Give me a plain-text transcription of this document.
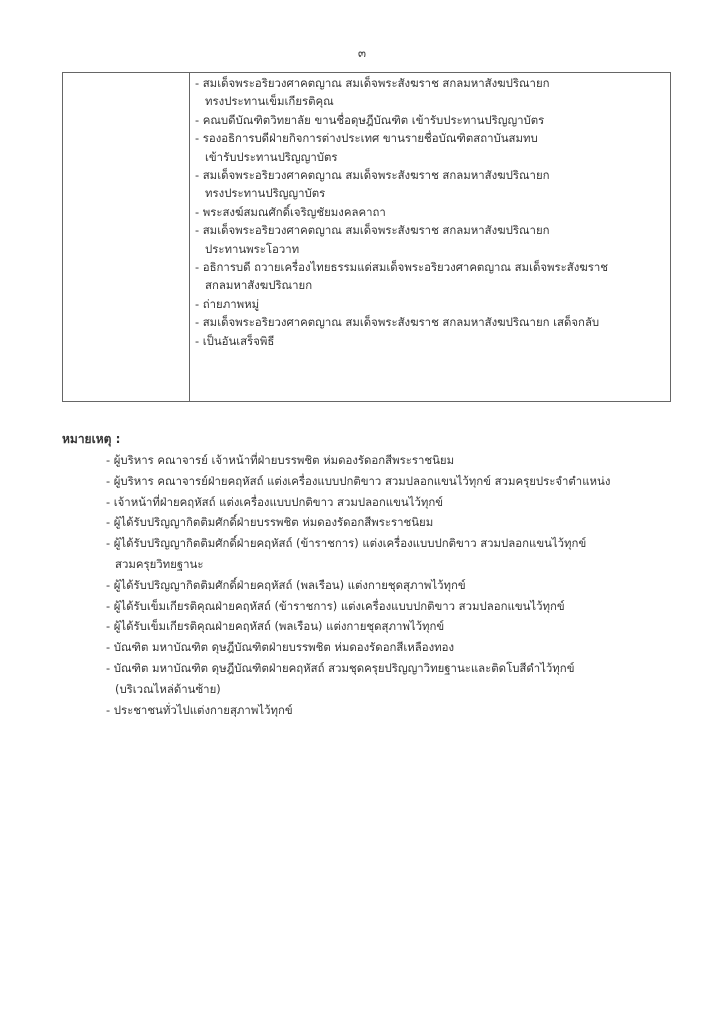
๓
- สมเด็จพระอริยวงศาคตญาณ สมเด็จพระสังฆราช สกลมหาสังฆปริณายก
ทรงประทานเข็มเกียรติคุณ
- คณบดีบัณฑิตวิทยาลัย ขานชื่อดุษฎีบัณฑิต เข้ารับประทานปริญญาบัตร
- รองอธิการบดีฝ่ายกิจการต่างประเทศ ขานรายชื่อบัณฑิตสถาบันสมทบ
เข้ารับประทานปริญญาบัตร
- สมเด็จพระอริยวงศาคตญาณ สมเด็จพระสังฆราช สกลมหาสังฆปริณายก
ทรงประทานปริญญาบัตร
- พระสงฆ์สมณศักดิ์เจริญชัยมงคลคาถา
- สมเด็จพระอริยวงศาคตญาณ สมเด็จพระสังฆราช สกลมหาสังฆปริณายก
ประทานพระโอวาท
- อธิการบดี ถวายเครื่องไทยธรรมแด่สมเด็จพระอริยวงศาคตญาณ สมเด็จพระสังฆราช
สกลมหาสังฆปริณายก
- ถ่ายภาพหมู่
- สมเด็จพระอริยวงศาคตญาณ สมเด็จพระสังฆราช สกลมหาสังฆปริณายก เสด็จกลับ
- เป็นอันเสร็จพิธี
หมายเหตุ :
- ผู้บริหาร คณาจารย์ เจ้าหน้าที่ฝ่ายบรรพชิต ห่มดองรัดอกสีพระราชนิยม
- ผู้บริหาร คณาจารย์ฝ่ายคฤหัสถ์ แต่งเครื่องแบบปกติขาว สวมปลอกแขนไว้ทุกข์ สวมครุยประจำตำแหน่ง
- เจ้าหน้าที่ฝ่ายคฤหัสถ์ แต่งเครื่องแบบปกติขาว สวมปลอกแขนไว้ทุกข์
- ผู้ได้รับปริญญากิตติมศักดิ์ฝ่ายบรรพชิต ห่มดองรัดอกสีพระราชนิยม
- ผู้ได้รับปริญญากิตติมศักดิ์ฝ่ายคฤหัสถ์ (ข้าราชการ) แต่งเครื่องแบบปกติขาว สวมปลอกแขนไว้ทุกข์
สวมครุยวิทยฐานะ
- ผู้ได้รับปริญญากิตติมศักดิ์ฝ่ายคฤหัสถ์ (พลเรือน) แต่งกายชุดสุภาพไว้ทุกข์
- ผู้ได้รับเข็มเกียรติคุณฝ่ายคฤหัสถ์ (ข้าราชการ) แต่งเครื่องแบบปกติขาว สวมปลอกแขนไว้ทุกข์
- ผู้ได้รับเข็มเกียรติคุณฝ่ายคฤหัสถ์ (พลเรือน) แต่งกายชุดสุภาพไว้ทุกข์
- บัณฑิต มหาบัณฑิต ดุษฎีบัณฑิตฝ่ายบรรพชิต ห่มดองรัดอกสีเหลืองทอง
- บัณฑิต มหาบัณฑิต ดุษฎีบัณฑิตฝ่ายคฤหัสถ์ สวมชุดครุยปริญญาวิทยฐานะและติดโบสีดำไว้ทุกข์
(บริเวณไหล่ด้านซ้าย)
- ประชาชนทั่วไปแต่งกายสุภาพไว้ทุกข์
